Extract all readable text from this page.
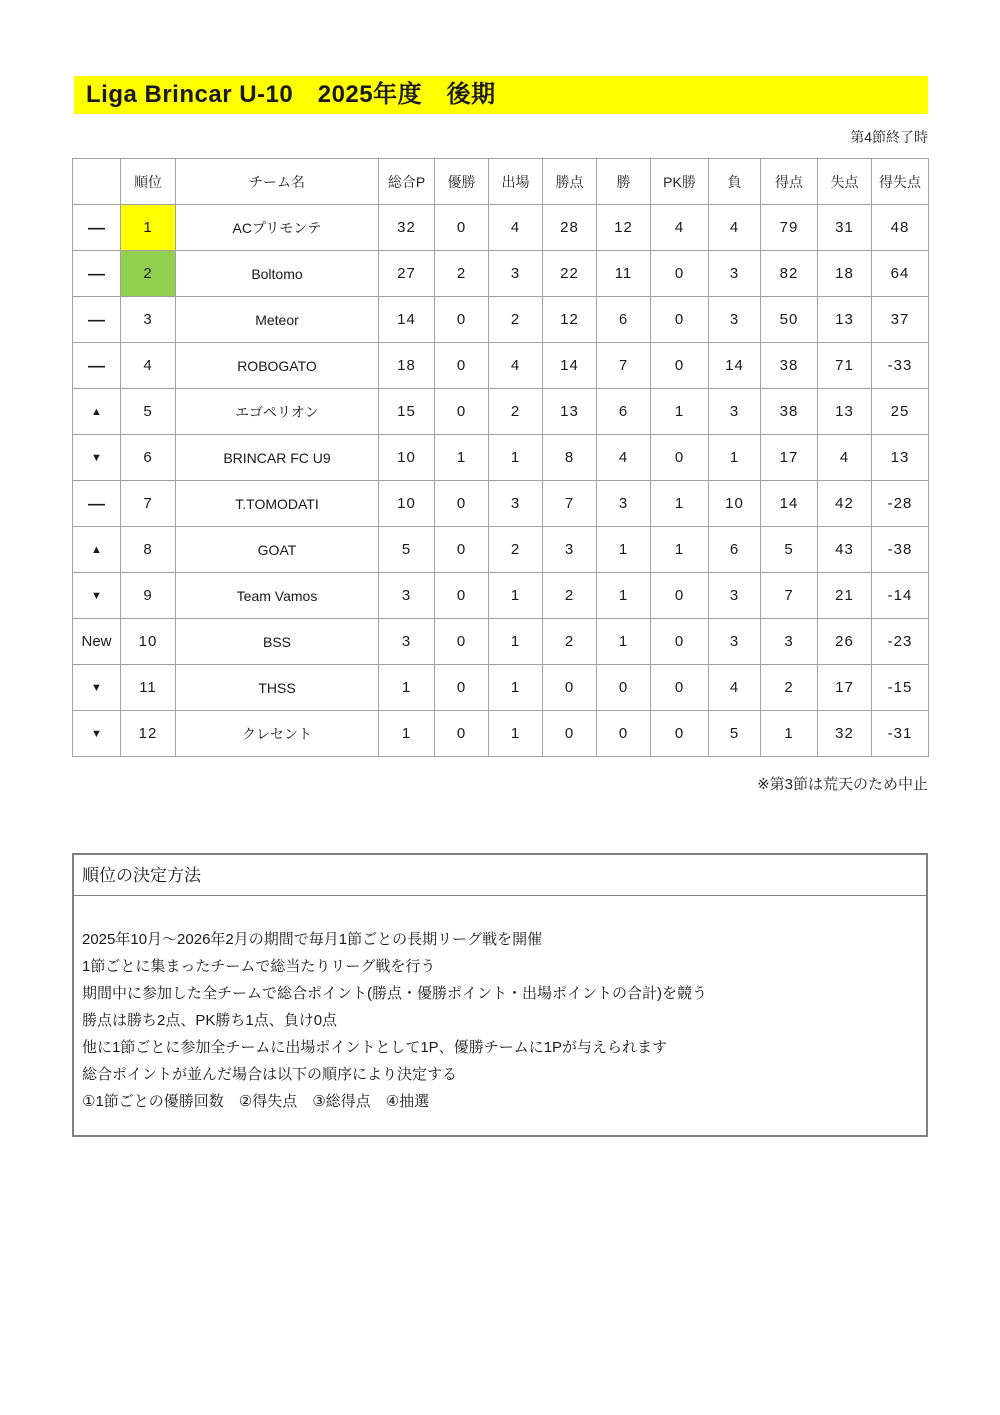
Liga Brincar U-10　2025年度　後期
第4節終了時
	順位	チーム名	総合P	優勝	出場	勝点	勝	PK勝	負	得点	失点	得失点
—	1	ACプリモンテ	32	0	4	28	12	4	4	79	31	48
—	2	Boltomo	27	2	3	22	11	0	3	82	18	64
—	3	Meteor	14	0	2	12	6	0	3	50	13	37
—	4	ROBOGATO	18	0	4	14	7	0	14	38	71	-33
▲	5	エゴペリオン	15	0	2	13	6	1	3	38	13	25
▼	6	BRINCAR FC U9	10	1	1	8	4	0	1	17	4	13
—	7	T.TOMODATI	10	0	3	7	3	1	10	14	42	-28
▲	8	GOAT	5	0	2	3	1	1	6	5	43	-38
▼	9	Team Vamos	3	0	1	2	1	0	3	7	21	-14
New	10	BSS	3	0	1	2	1	0	3	3	26	-23
▼	11	THSS	1	0	1	0	0	0	4	2	17	-15
▼	12	クレセント	1	0	1	0	0	0	5	1	32	-31
※第3節は荒天のため中止
順位の決定方法

2025年10月～2026年2月の期間で毎月1節ごとの長期リーグ戦を開催

1節ごとに集まったチームで総当たりリーグ戦を行う

期間中に参加した全チームで総合ポイント(勝点・優勝ポイント・出場ポイントの合計)を競う

勝点は勝ち2点、PK勝ち1点、負け0点

他に1節ごとに参加全チームに出場ポイントとして1P、優勝チームに1Pが与えられます

総合ポイントが並んだ場合は以下の順序により決定する

①1節ごとの優勝回数　②得失点　③総得点　④抽選
